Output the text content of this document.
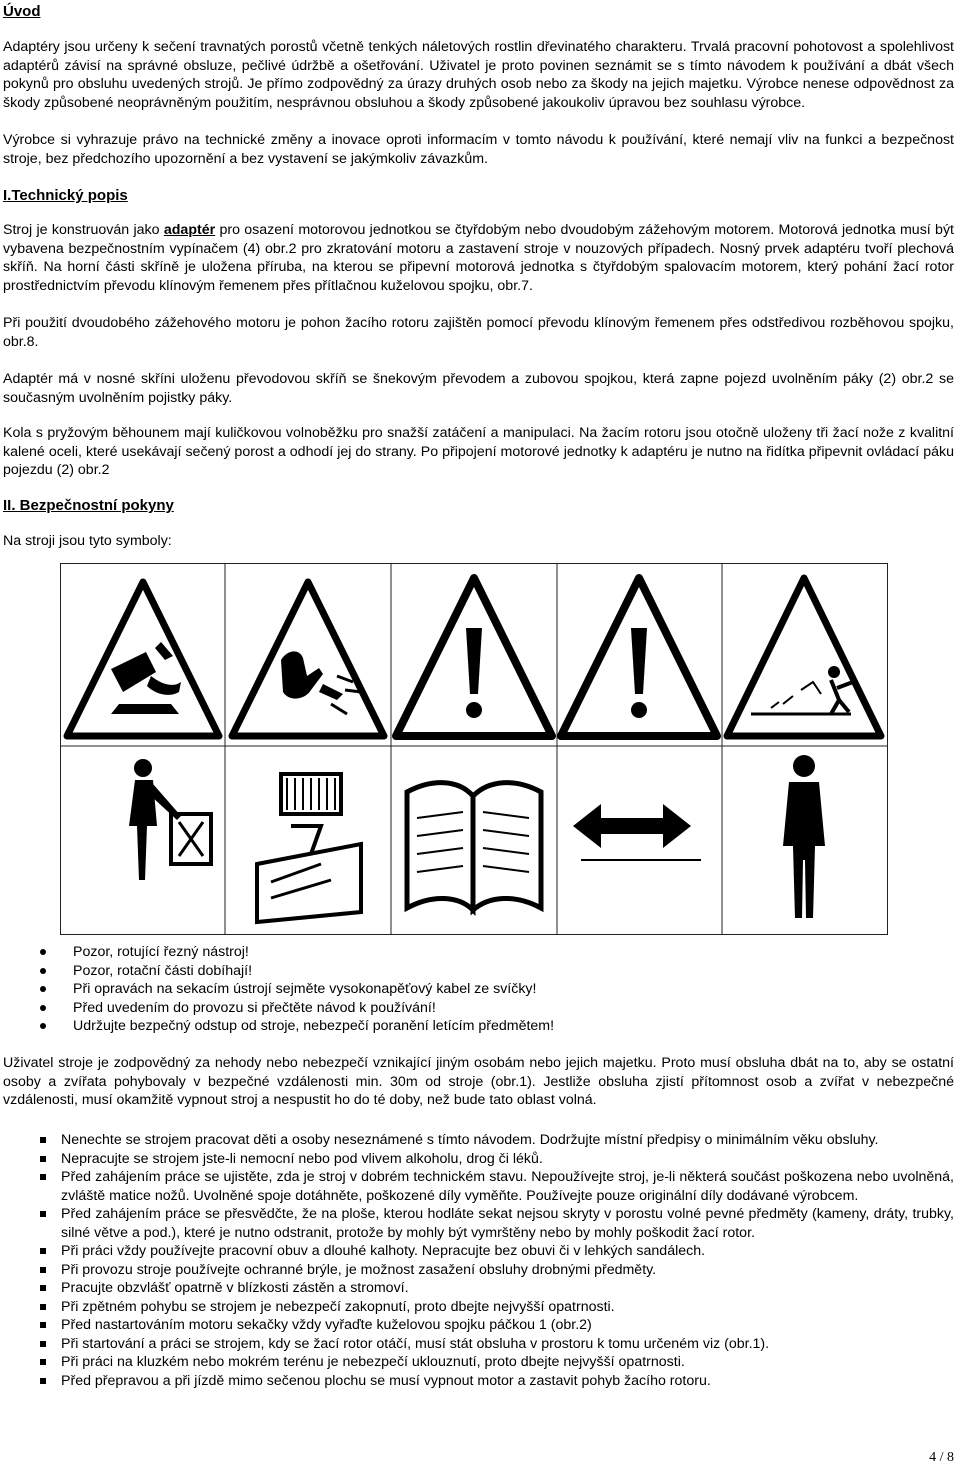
Úvod

Adaptéry jsou určeny k sečení travnatých porostů včetně tenkých náletových rostlin dřevinatého charakteru. Trvalá pracovní pohotovost a spolehlivost adaptérů závisí na správné obsluze, pečlivé údržbě a ošetřování. Uživatel je proto povinen seznámit se s tímto návodem k používání a dbát všech pokynů pro obsluhu uvedených strojů. Je přímo zodpovědný za úrazy druhých osob nebo za škody na jejich majetku. Výrobce nenese odpovědnost za škody způsobené neoprávněným použitím, nesprávnou obsluhou a škody způsobené jakoukoliv úpravou bez souhlasu výrobce.

Výrobce si vyhrazuje právo na technické změny a inovace oproti informacím v tomto návodu k používání, které nemají vliv na funkci a bezpečnost stroje, bez předchozího upozornění a bez vystavení se jakýmkoliv závazkům.

I.Technický popis

Stroj je konstruován jako adaptér pro osazení motorovou jednotkou se čtyřdobým nebo dvoudobým zážehovým motorem. Motorová jednotka musí být vybavena bezpečnostním vypínačem (4) obr.2 pro zkratování motoru a zastavení stroje v nouzových případech. Nosný prvek adaptéru tvoří plechová skříň. Na horní části skříně je uložena příruba, na kterou se připevní motorová jednotka s čtyřdobým spalovacím motorem, který pohání žací rotor prostřednictvím převodu klínovým řemenem přes přítlačnou kuželovou spojku, obr.7.

Při použití dvoudobého zážehového motoru je pohon žacího rotoru zajištěn pomocí převodu klínovým řemenem přes odstředivou rozběhovou spojku, obr.8.

Adaptér má v nosné skříni uloženu převodovou skříň se šnekovým převodem a zubovou spojkou, která zapne pojezd uvolněním páky (2) obr.2 se současným uvolněním pojistky páky.

Kola s pryžovým běhounem mají kuličkovou volnoběžku pro snažší zatáčení a manipulaci. Na žacím rotoru jsou otočně uloženy tři žací nože z kvalitní kalené oceli, které usekávají sečený porost a odhodí jej do strany. Po připojení motorové jednotky k adaptéru je nutno na řidítka připevnit ovládací páku pojezdu (2) obr.2

II. Bezpečnostní pokyny

Na stroji jsou tyto symboly:

Pozor, rotující řezný nástroj!
Pozor, rotační části dobíhají!
Při opravách na sekacím ústrojí sejměte vysokonapěťový kabel ze svíčky!
Před uvedením do provozu si přečtěte návod k používání!
Udržujte bezpečný odstup od stroje, nebezpečí poranění letícím předmětem!

Uživatel stroje je zodpovědný za nehody nebo nebezpečí vznikající jiným osobám nebo jejich majetku. Proto musí obsluha dbát na to, aby se ostatní osoby a zvířata pohybovaly v bezpečné vzdálenosti min. 30m od stroje (obr.1). Jestliže obsluha zjistí přítomnost osob a zvířat v nebezpečné vzdálenosti, musí okamžitě vypnout stroj a nespustit ho do té doby, než bude tato oblast volná.

Nenechte se strojem pracovat děti a osoby neseznámené s tímto návodem. Dodržujte místní předpisy o minimálním věku obsluhy.
Nepracujte se strojem jste-li nemocní nebo pod vlivem alkoholu, drog či léků.
Před zahájením práce se ujistěte, zda je stroj v dobrém technickém stavu. Nepoužívejte stroj, je-li některá součást poškozena nebo uvolněná, zvláště matice nožů. Uvolněné spoje dotáhněte, poškozené díly vyměňte. Používejte pouze originální díly dodávané výrobcem.
Před zahájením práce se přesvědčte, že na ploše, kterou hodláte sekat nejsou skryty v porostu volné pevné předměty (kameny, dráty, trubky, silné větve a pod.), které je nutno odstranit, protože by mohly být vymrštěny nebo by mohly poškodit žací rotor.
Při práci vždy používejte pracovní obuv a dlouhé kalhoty. Nepracujte bez obuvi či v lehkých sandálech.
Při provozu stroje používejte ochranné brýle, je možnost zasažení obsluhy drobnými předměty.
Pracujte obzvlášť opatrně v blízkosti zástěn a stromoví.
Při zpětném pohybu se strojem je nebezpečí zakopnutí, proto dbejte nejvyšší opatrnosti.
Před nastartováním motoru sekačky vždy vyřaďte kuželovou spojku páčkou 1 (obr.2)
Při startování a práci se strojem, kdy se žací rotor otáčí, musí stát obsluha v prostoru k tomu určeném viz (obr.1).
Při práci na kluzkém nebo mokrém terénu je nebezpečí uklouznutí, proto dbejte nejvyšší opatrnosti.
Před přepravou a při jízdě mimo sečenou plochu se musí vypnout motor a zastavit pohyb žacího rotoru.
4 / 8
